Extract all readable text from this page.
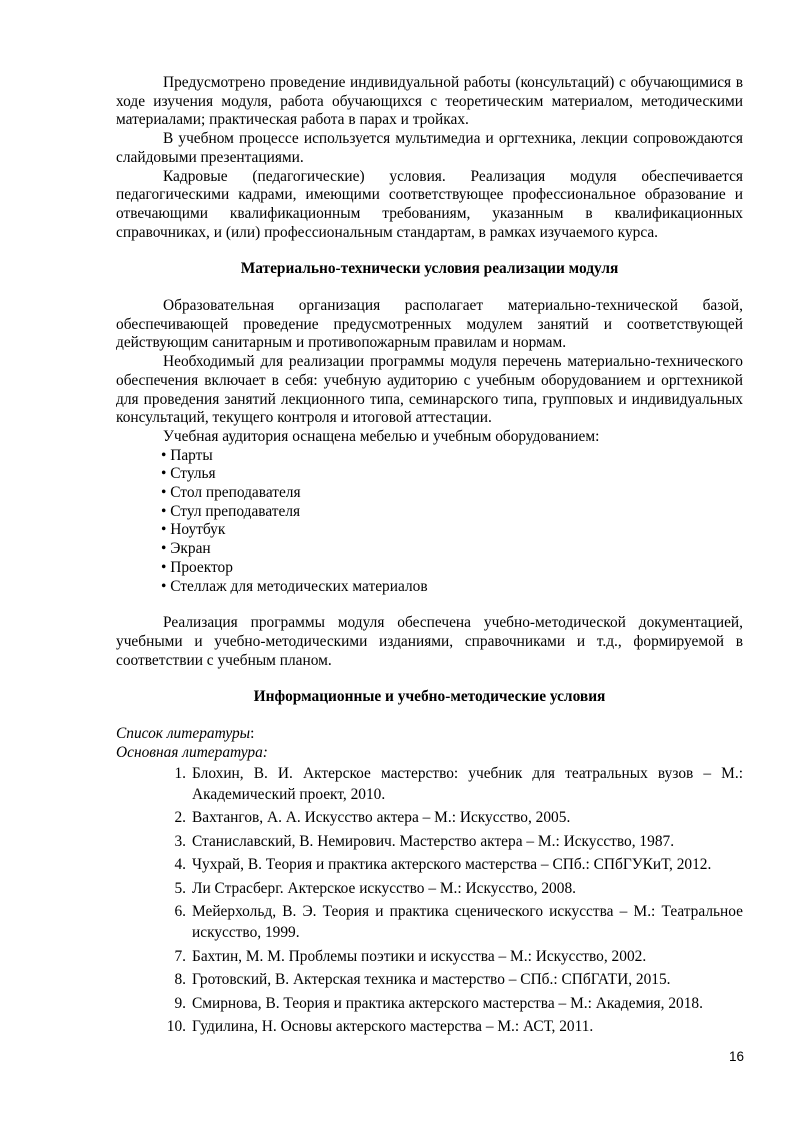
Предусмотрено проведение индивидуальной работы (консультаций) с обучающимися в ходе изучения модуля, работа обучающихся с теоретическим материалом, методическими материалами; практическая работа в парах и тройках.

В учебном процессе используется мультимедиа и оргтехника, лекции сопровождаются слайдовыми презентациями.

Кадровые (педагогические) условия. Реализация модуля обеспечивается педагогическими кадрами, имеющими соответствующее профессиональное образование и отвечающими квалификационным требованиям, указанным в квалификационных справочниках, и (или) профессиональным стандартам, в рамках изучаемого курса.

Материально-технически условия реализации модуля

Образовательная организация располагает материально-технической базой, обеспечивающей проведение предусмотренных модулем занятий и соответствующей действующим санитарным и противопожарным правилам и нормам.

Необходимый для реализации программы модуля перечень материально-технического обеспечения включает в себя: учебную аудиторию с учебным оборудованием и оргтехникой для проведения занятий лекционного типа, семинарского типа, групповых и индивидуальных консультаций, текущего контроля и итоговой аттестации.

Учебная аудитория оснащена мебелью и учебным оборудованием:

• Парты
• Стулья
• Стол преподавателя
• Стул преподавателя
• Ноутбук
• Экран
• Проектор
• Стеллаж для методических материалов

Реализация программы модуля обеспечена учебно-методической документацией, учебными и учебно-методическими изданиями, справочниками и т.д., формируемой в соответствии с учебным планом.

Информационные и учебно-методические условия

Список литературы:

Основная литература:

1. Блохин, В. И. Актерское мастерство: учебник для театральных вузов – М.: Академический проект, 2010.
2. Вахтангов, А. А. Искусство актера – М.: Искусство, 2005.
3. Станиславский, В. Немирович. Мастерство актера – М.: Искусство, 1987.
4. Чухрай, В. Теория и практика актерского мастерства – СПб.: СПбГУКиТ, 2012.
5. Ли Страсберг. Актерское искусство – М.: Искусство, 2008.
6. Мейерхольд, В. Э. Теория и практика сценического искусства – М.: Театральное искусство, 1999.
7. Бахтин, М. М. Проблемы поэтики и искусства – М.: Искусство, 2002.
8. Гротовский, В. Актерская техника и мастерство – СПб.: СПбГАТИ, 2015.
9. Смирнова, В. Теория и практика актерского мастерства – М.: Академия, 2018.
10. Гудилина, Н. Основы актерского мастерства – М.: АСТ, 2011.
16
